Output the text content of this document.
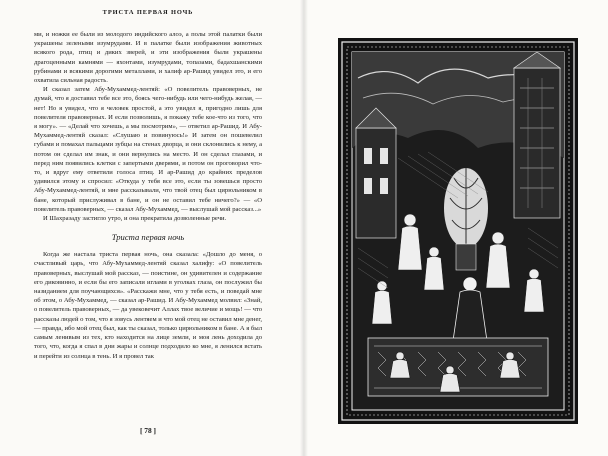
ТРИСТА ПЕРВАЯ НОЧЬ

ми, и ножки ее были из молодого индийского алоэ, а полы этой палатки были украшены зелеными изумрудами. И в палатке были изображения животных всякого рода, птиц и диких зверей, и эти изображения были украшены драгоценными камнями — яхонтами, изумрудами, топазами, бадахшанскими рубинами и всякими дорогими металлами, и халиф ар-Рашид увидел это, и его охватила сильная радость.

И сказал затем Абу-Мухаммед-лентяй: «О повелитель правоверных, не думай, что я доставил тебе все это, боясь чего-нибудь или чего-нибудь желая, — нет! Но я увидел, что я человек простой, а это увидел я, пригодно лишь для повелителя правоверных. И если позволишь, я покажу тебе кое-что из того, что я могу». — «Делай что хочешь, а мы посмотрим», — ответил ар-Рашид. И Абу-Мухаммед-лентяй сказал: «Слушаю и повинуюсь!» И затем он пошевелил губами и помахал пальцами зубцы на стенах дворца, и они склонились к нему, а потом он сделал им знак, и они вернулись на место. И он сделал глазами, и перед ним появились клетки с запертыми дверями, и потом он проговорил что-то, и вдруг ему ответили голоса птиц. И ар-Рашид до крайних пределов удивился этому и спросил: «Откуда у тебя все это, если ты зовешься просто Абу-Мухаммед-лентяй, и мне рассказывали, что твой отец был цирюльником в бане, который прислуживал в бане, и он не оставил тебе ничего?» — «О повелитель правоверных, — сказал Абу-Мухаммед, — выслушай мой рассказ...»

И Шахразаду застигло утро, и она прекратила дозволенные речи.

Триста первая ночь

Когда же настала триста первая ночь, она сказала: «Дошло до меня, о счастливый царь, что Абу-Мухаммед-лентяй сказал халифу: «О повелитель правоверных, выслушай мой рассказ, — поистине, он удивителен и содержание его диковинно, и если бы его записали иглами в уголках глаза, он послужил бы назиданием для поучающихся». «Расскажи мне, что у тебя есть, и поведай мне об этом, о Абу-Мухаммед, — сказал ар-Рашид. И Абу-Мухаммед молвил: «Знай, о повелитель правоверных, — да увековечит Аллах твое величие и мощь! — что рассказы людей о том, что я зовусь лентяем и что мой отец не оставил мне денег, — правда, ибо мой отец был, как ты сказал, только цирюльником в бане. А я был самым ленивым из тех, кто находится на лице земли, и моя лень доходила до того, что, когда я спал в дни жары и солнце подходило ко мне, я ленился встать и перейти из солнца в тень. И я провел так

[ 78 ]
